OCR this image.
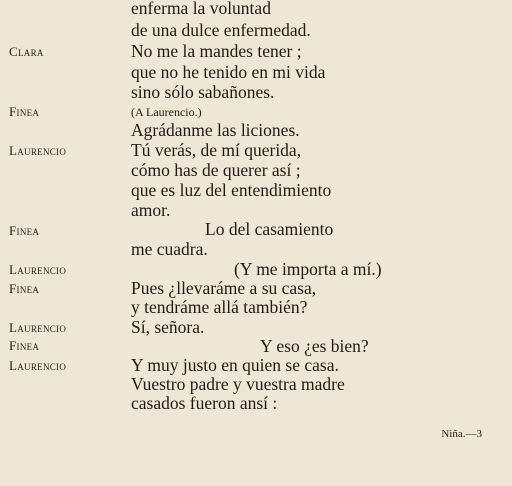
enferma la voluntad
de una dulce enfermedad.
Clara	No me la mandes tener ;
que no he tenido en mi vida
sino sólo sabañones.
Finea	(A Laurencio.)
Agrádanme las liciones.
Laurencio	Tú verás, de mí querida,
cómo has de querer así ;
que es luz del entendimiento
amor.
Finea	Lo del casamiento
me cuadra.
Laurencio	(Y me importa a mí.)
Finea	Pues ¿llevaráme a su casa,
y tendráme allá también?
Laurencio	Sí, señora.
Finea	Y eso ¿es bien?
Laurencio	Y muy justo en quien se casa.
Vuestro padre y vuestra madre
casados fueron ansí :
Niña.—3
